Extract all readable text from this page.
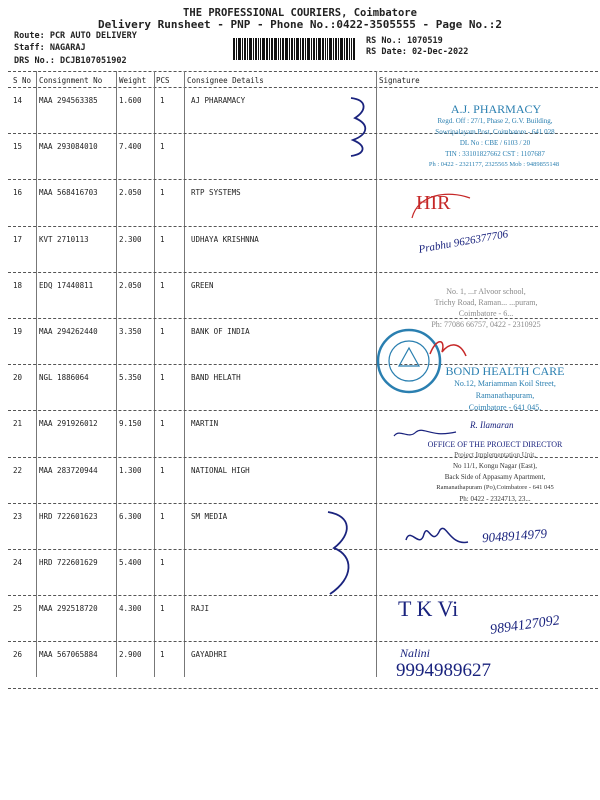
THE PROFESSIONAL COURIERS, Coimbatore
Delivery Runsheet - PNP - Phone No.:0422-3505555 - Page No.:2
Route: PCR AUTO DELIVERY
Staff: NAGARAJ
DRS No.: DCJB107051902
RS No.: 1070519
RS Date: 02-Dec-2022
S No Consignment No Weight PCS Consignee Details	Signature
14 MAA 294563385	1.600 1	AJ PHARAMACY
15 MAA 293084010	7.400 1
16 MAA 568416703	2.050 1	RTP SYSTEMS
17 KVT 2710113	2.300 1	UDHAYA KRISHNNA
18 EDQ 17440811	2.050 1	GREEN
19 MAA 294262440	3.350 1	BANK OF INDIA
20 NGL 1886064	5.350 1	BAND HELATH
21 MAA 291926012	9.150 1	MARTIN
22 MAA 283720944	1.300 1	NATIONAL HIGH
23 HRD 722601623	6.300 1	SM MEDIA
24 HRD 722601629	5.400 1
25 MAA 292518720	4.300 1	RAJI
26 MAA 567065884	2.900 1	GAYADHRI
A.J. PHARMACY
Regd. Off : 27/1, Phase 2, G.V. Building,
Sowripalayam Post, Coimbatore - 641 028
DL No : CBE / 6103 / 20
TIN : 33101827662 CST : 1107687
Ph : 0422 - 2321177, 2325565 Mob : 9489855148
HIR
Prabhu 9626377706
No. 1, ...r Alvoor school,
Trichy Road, Raman... ...puram,
Coimbatore - 6...
Ph: 77086 66757, 0422 - 2310925
BOND HEALTH CARE
No.12, Mariamman Koil Street,
Ramanathapuram,
Coimbatore - 641 045.
R. Ilamaran
OFFICE OF THE PROJECT DIRECTOR
Project Implementation Unit,
No 11/1, Kongu Nagar (East),
Back Side of Appasamy Apartment,
Ramanathapuram (Po),Coimbatore - 641 045
Ph: 0422 - 2324713, 23...
9048914979
T K Vi
9894127092
Nalini
9994989627
